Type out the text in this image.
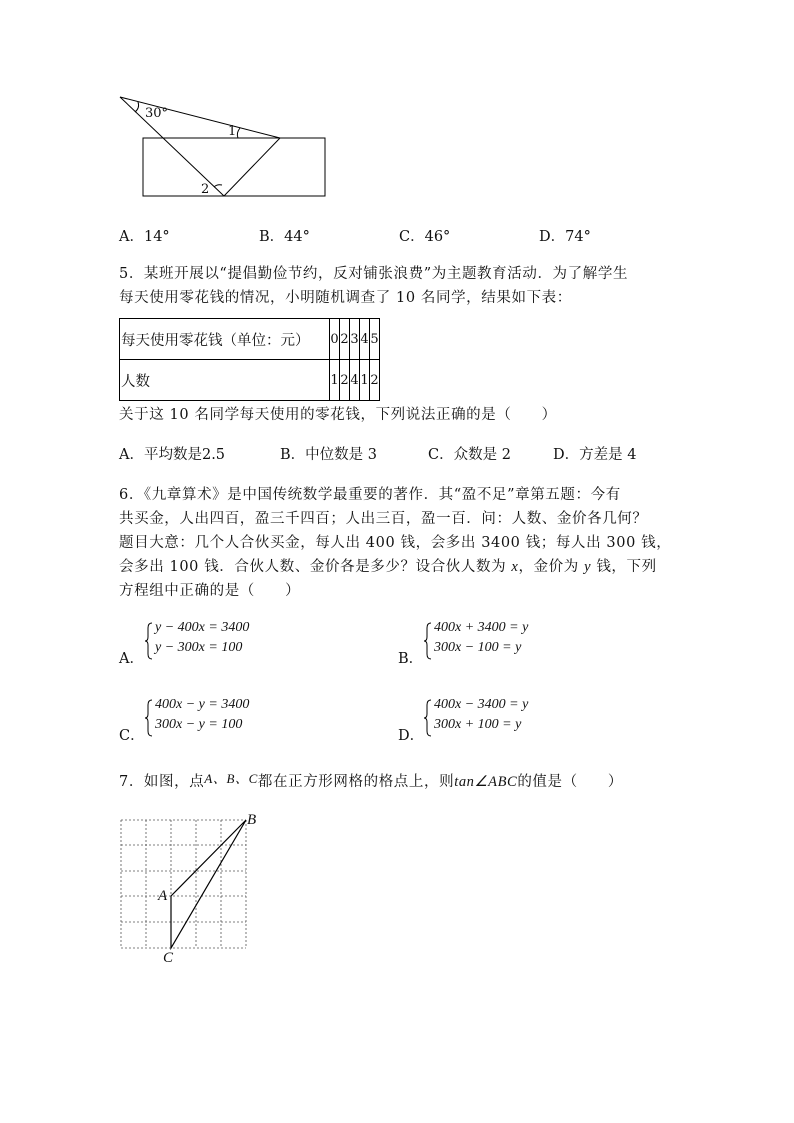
30°
1
2
A．14°	B．44°	C．46°	D．74°
5．某班开展以“提倡勤俭节约，反对铺张浪费”为主题教育活动．为了解学生
每天使用零花钱的情况，小明随机调查了 10 名同学，结果如下表：
每天使用零花钱（单位：元）	0	2	3	4	5
人数	1	2	4	1	2
关于这 10 名同学每天使用的零花钱，下列说法正确的是（　　）
A．平均数是2.5	B．中位数是 3	C．众数是 2	D．方差是 4
6．《九章算术》是中国传统数学最重要的著作．其“盈不足”章第五题：今有
共买金，人出四百，盈三千四百；人出三百，盈一百．问：人数、金价各几何？
题目大意：几个人合伙买金，每人出 400 钱，会多出 3400 钱；每人出 300 钱，
会多出 100 钱．合伙人数、金价各是多少？设合伙人数为 x，金价为 y 钱，下列
方程组中正确的是（　　）
A．
y − 400x = 3400
y − 300x = 100
B．
400x + 3400 = y
300x − 100 = y
C．
400x − y = 3400
300x − y = 100
D．
400x − 3400 = y
300x + 100 = y
7．如图，点A、B、C都在正方形网格的格点上，则tan∠ABC的值是（　　）
B
A
C
